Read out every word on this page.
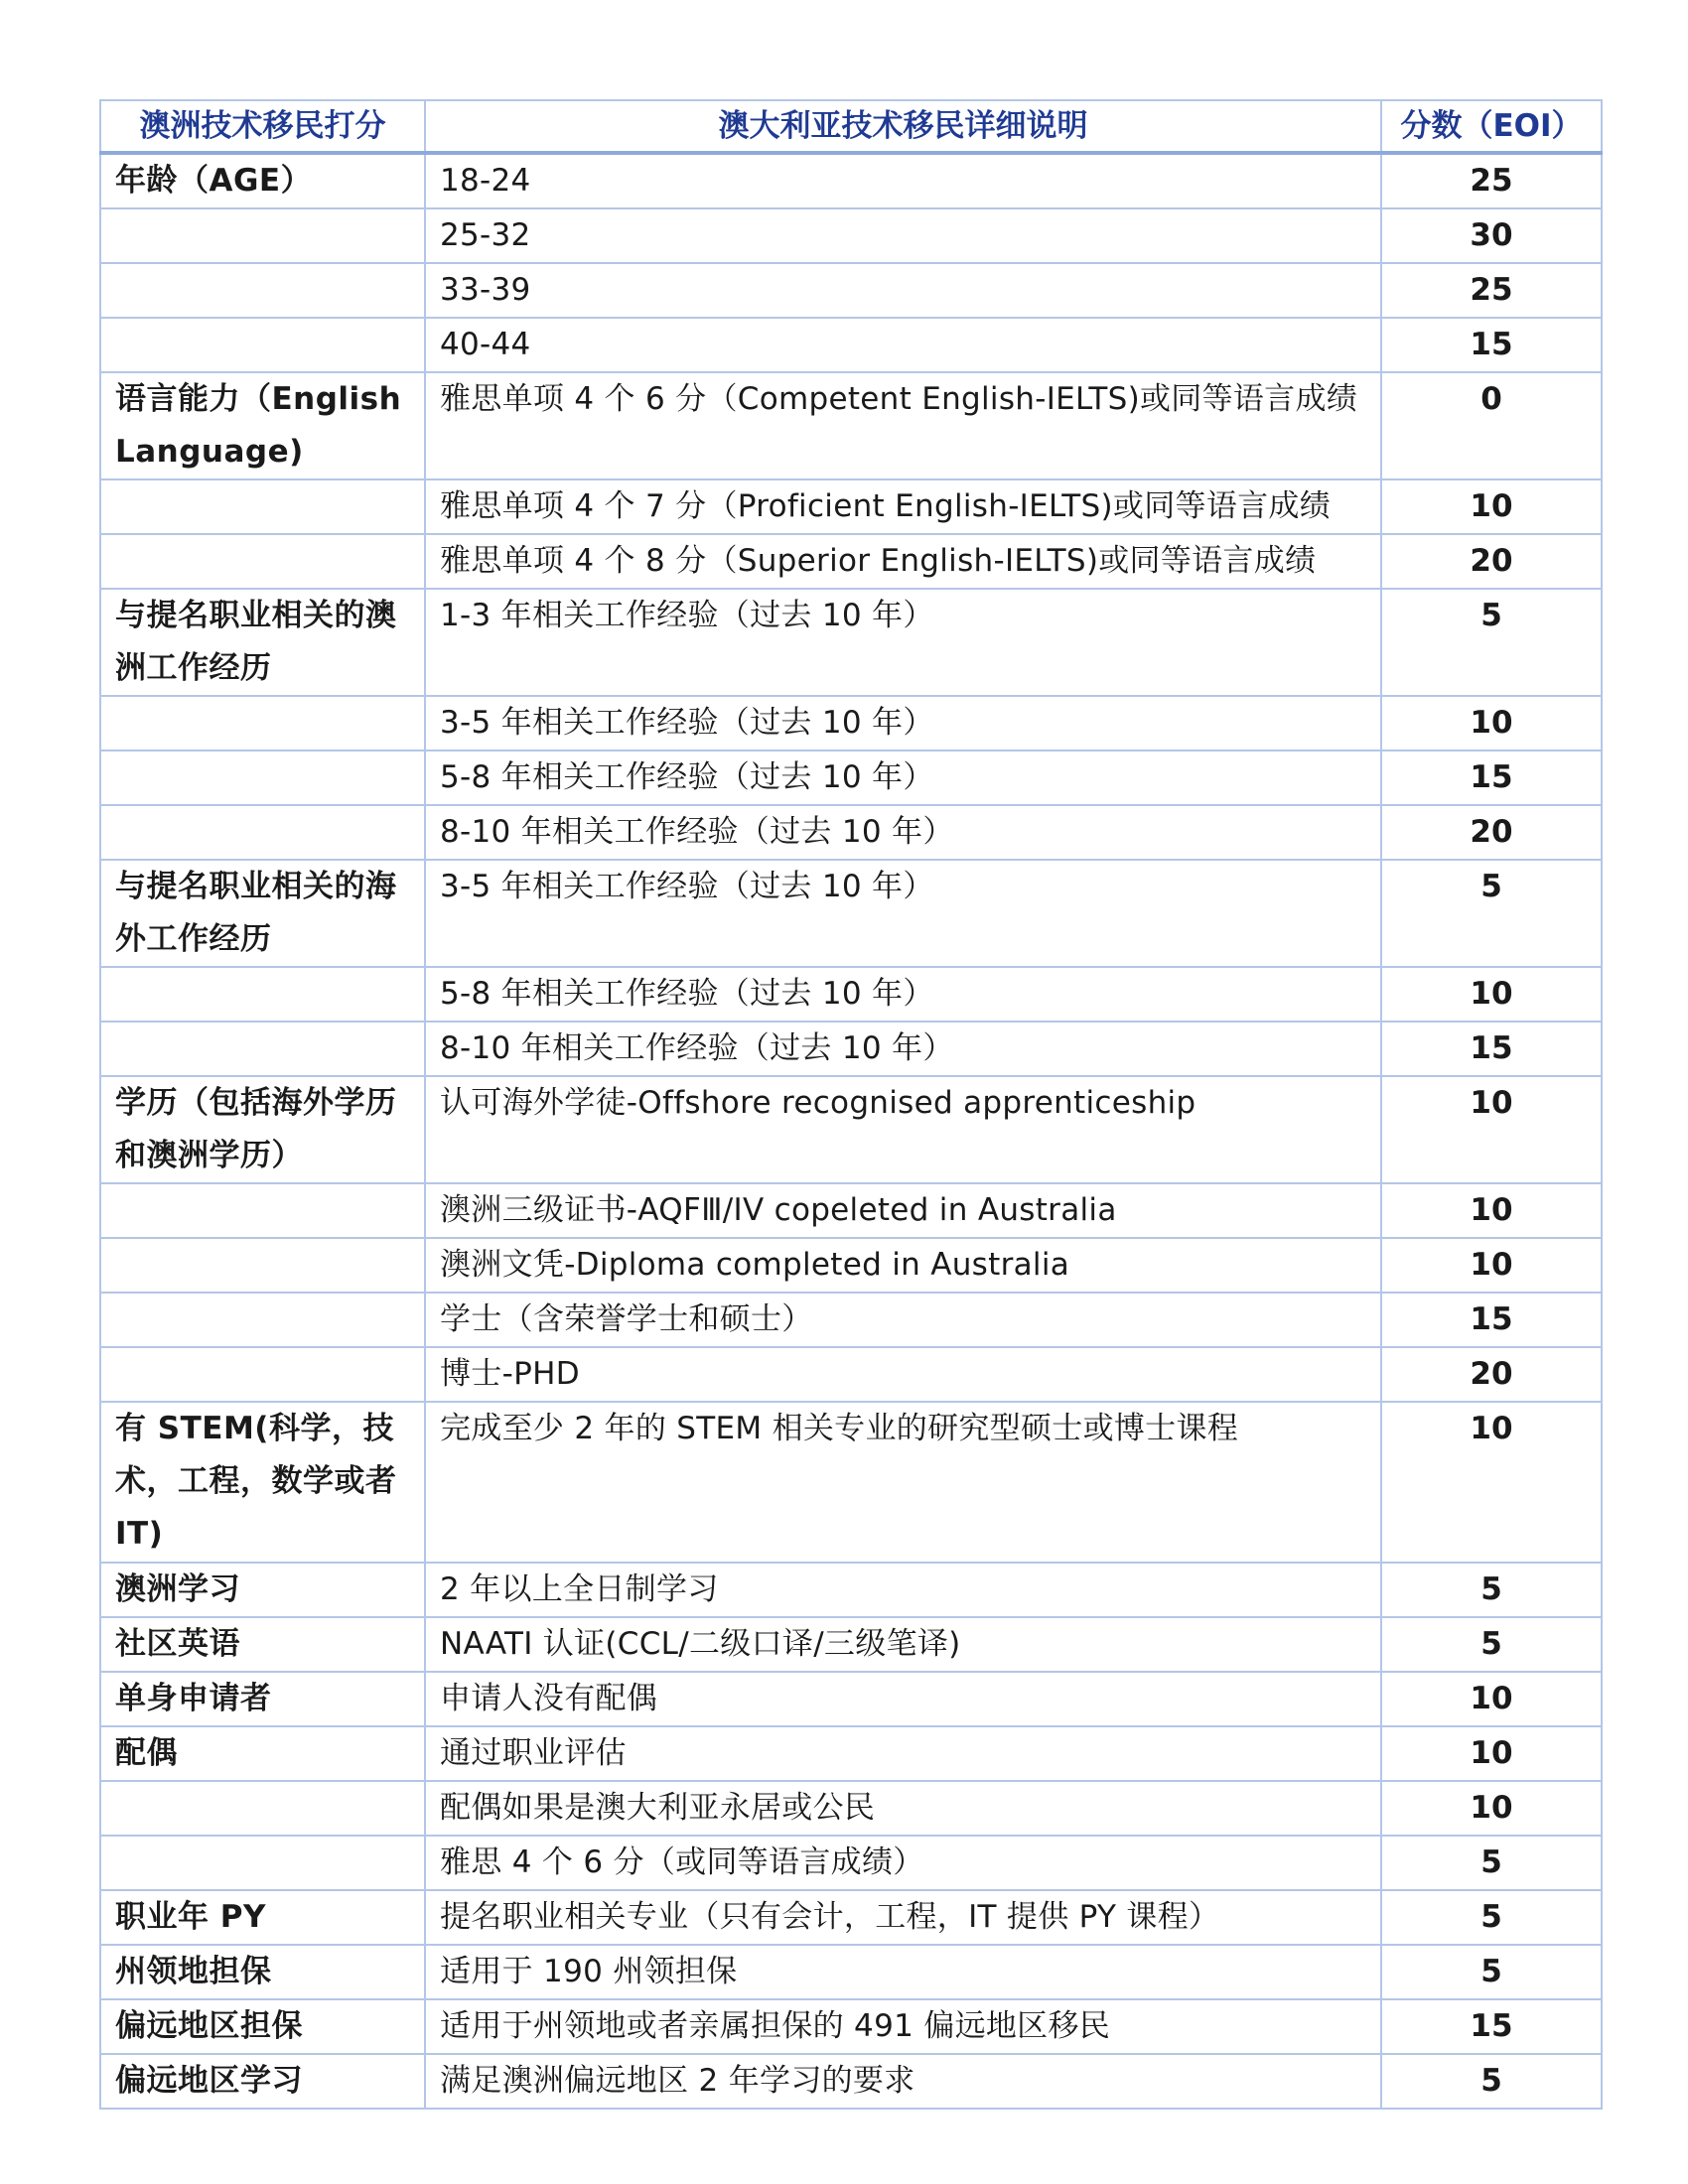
澳洲技术移民打分	澳大利亚技术移民详细说明	分数（EOI）
年龄（AGE）	18-24	25
	25-32	30
	33-39	25
	40-44	15
语言能力（English Language)	雅思单项 4 个 6 分（Competent English-IELTS)或同等语言成绩	0
	雅思单项 4 个 7 分（Proficient English-IELTS)或同等语言成绩	10
	雅思单项 4 个 8 分（Superior English-IELTS)或同等语言成绩	20
与提名职业相关的澳洲工作经历	1-3 年相关工作经验（过去 10 年）	5
	3-5 年相关工作经验（过去 10 年）	10
	5-8 年相关工作经验（过去 10 年）	15
	8-10 年相关工作经验（过去 10 年）	20
与提名职业相关的海外工作经历	3-5 年相关工作经验（过去 10 年）	5
	5-8 年相关工作经验（过去 10 年）	10
	8-10 年相关工作经验（过去 10 年）	15
学历（包括海外学历和澳洲学历）	认可海外学徒-Offshore recognised apprenticeship	10
	澳洲三级证书-AQFⅢ/IV copeleted in Australia	10
	澳洲文凭-Diploma completed in Australia	10
	学士（含荣誉学士和硕士）	15
	博士-PHD	20
有 STEM(科学，技术，工程，数学或者 IT)	完成至少 2 年的 STEM 相关专业的研究型硕士或博士课程	10
澳洲学习	2 年以上全日制学习	5
社区英语	NAATI 认证(CCL/二级口译/三级笔译)	5
单身申请者	申请人没有配偶	10
配偶	通过职业评估	10
	配偶如果是澳大利亚永居或公民	10
	雅思 4 个 6 分（或同等语言成绩）	5
职业年 PY	提名职业相关专业（只有会计，工程，IT 提供 PY 课程）	5
州领地担保	适用于 190 州领担保	5
偏远地区担保	适用于州领地或者亲属担保的 491 偏远地区移民	15
偏远地区学习	满足澳洲偏远地区 2 年学习的要求	5
